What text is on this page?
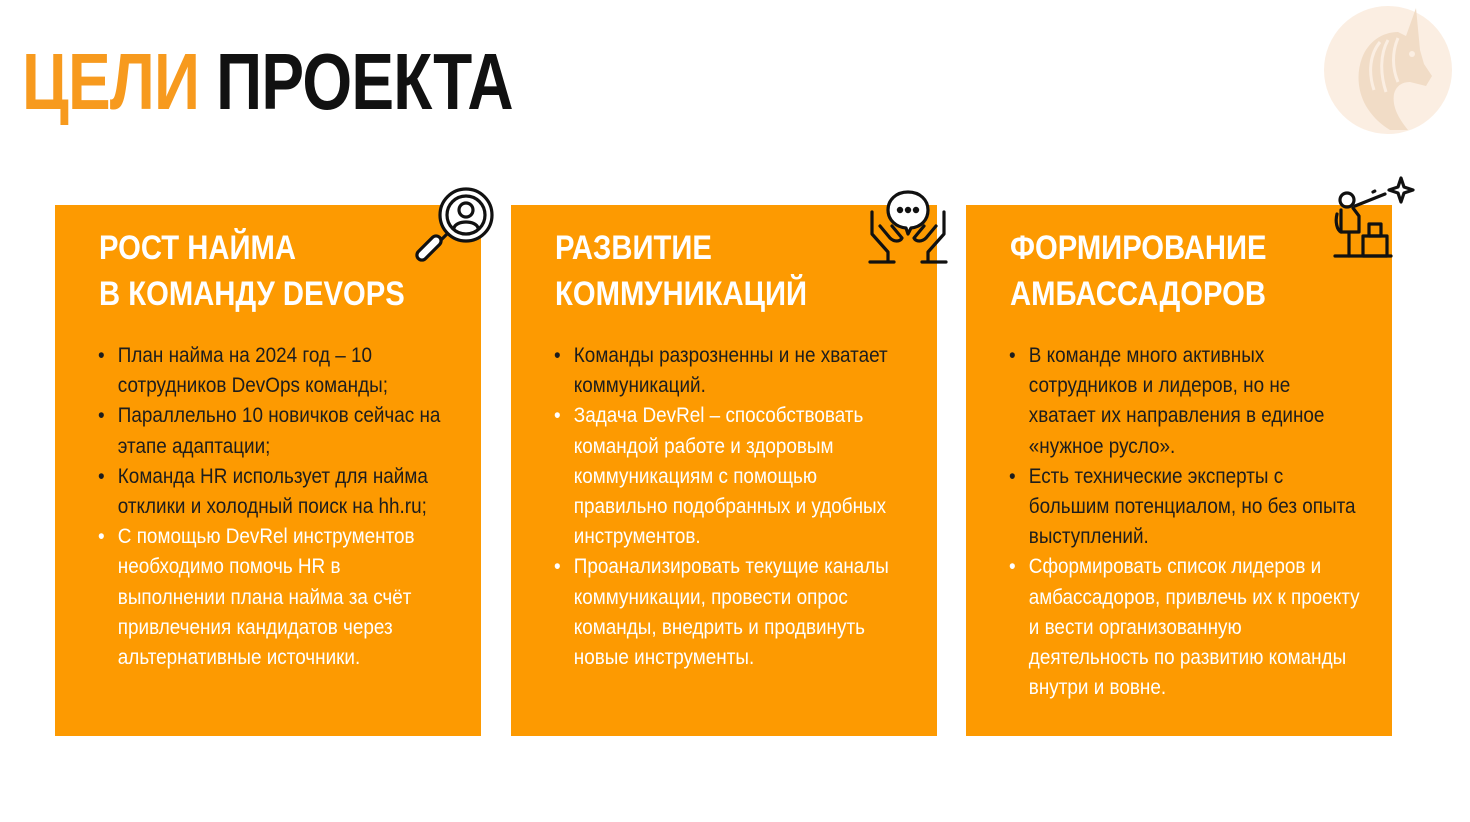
ЦЕЛИ ПРОЕКТА
РОСТ НАЙМА
В КОМАНДУ DEVOPS
• План найма на 2024 год – 10 сотрудников DevOps команды;
• Параллельно 10 новичков сейчас на этапе адаптации;
• Команда HR использует для найма отклики и холодный поиск на hh.ru;
• С помощью DevRel инструментов необходимо помочь HR в выполнении плана найма за счёт привлечения кандидатов через альтернативные источники.
РАЗВИТИЕ
КОММУНИКАЦИЙ
• Команды разрозненны и не хватает коммуникаций.
• Задача DevRel – способствовать командой работе и здоровым коммуникациям с помощью правильно подобранных и удобных инструментов.
• Проанализировать текущие каналы коммуникации, провести опрос команды, внедрить и продвинуть новые инструменты.
ФОРМИРОВАНИЕ
АМБАССАДОРОВ
• В команде много активных сотрудников и лидеров, но не хватает их направления в единое «нужное русло».
• Есть технические эксперты с большим потенциалом, но без опыта выступлений.
• Сформировать список лидеров и амбассадоров, привлечь их к проекту и вести организованную деятельность по развитию команды внутри и вовне.
